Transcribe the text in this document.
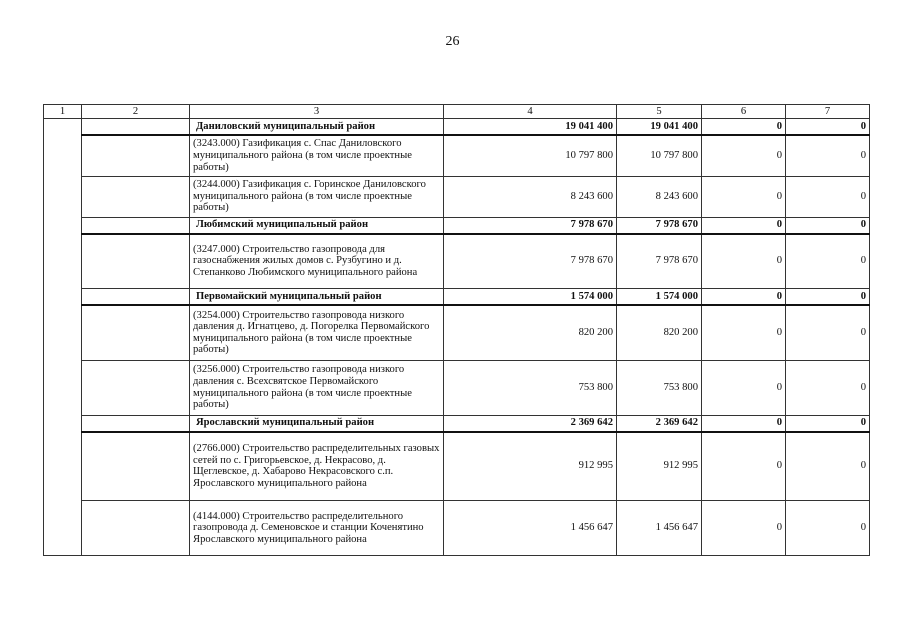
26
1	2	3	4	5	6	7
		Даниловский муниципальный район	19 041 400	19 041 400	0	0
		(3243.000) Газификация с. Спас Даниловского муниципального района (в том числе проектные работы)	10 797 800	10 797 800	0	0
		(3244.000) Газификация с. Горинское Даниловского муниципального района (в том числе проектные работы)	8 243 600	8 243 600	0	0
		Любимский муниципальный район	7 978 670	7 978 670	0	0
		(3247.000) Строительство газопровода для газоснабжения жилых домов с. Рузбугино и д. Степанково Любимского муниципального района	7 978 670	7 978 670	0	0
		Первомайский муниципальный район	1 574 000	1 574 000	0	0
		(3254.000) Строительство газопровода низкого давления д. Игнатцево, д. Погорелка Первомайского муниципального района (в том числе проектные работы)	820 200	820 200	0	0
		(3256.000) Строительство газопровода низкого давления с. Всехсвятское Первомайского муниципального района (в том числе проектные работы)	753 800	753 800	0	0
		Ярославский муниципальный район	2 369 642	2 369 642	0	0
		(2766.000) Строительство распределительных газовых сетей по с. Григорьевское, д. Некрасово, д. Щеглевское, д. Хабарово Некрасовского с.п. Ярославского муниципального района	912 995	912 995	0	0
		(4144.000) Строительство распределительного газопровода д. Семеновское и станции Коченятино Ярославского муниципального района	1 456 647	1 456 647	0	0
